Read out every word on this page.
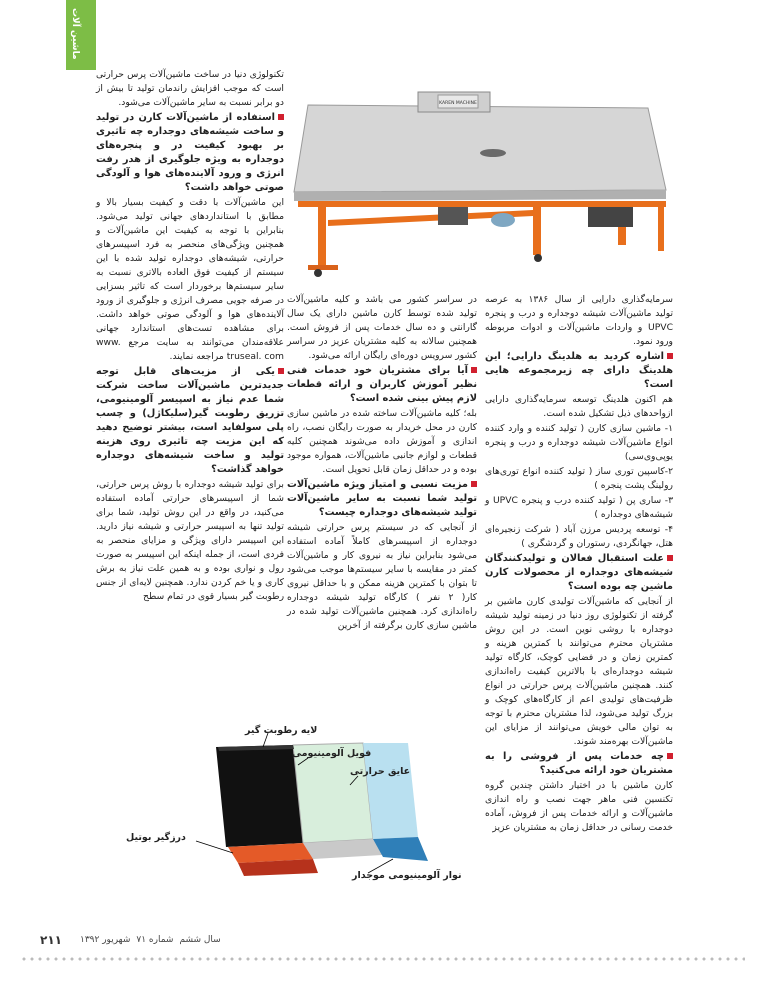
ماشین آلات
KAREN MACHINE

سرمایه‌گذاری دارایی از سال ۱۳۸۶ به عرصه تولید ماشین‌آلات شیشه دوجداره و درب و پنجره UPVC و واردات ماشین‌آلات و ادوات مربوطه ورود نمود.

اشاره کردید به هلدینگ دارایی؛ این هلدینگ دارای چه زیرمجموعه هایی است؟

هم اکنون هلدینگ توسعه سرمایه‌گذاری دارایی ازواحدهای ذیل تشکیل شده است.

۱- ماشین سازی کارن ( تولید کننده و وارد کننده انواع ماشین‌آلات شیشه دوجداره و درب و پنجره یوپی‌وی‌سی)

۲-کاسپین توری ساز ( تولید کننده انواع توری‌های رولینگ پشت پنجره )

۳- ساری پن ( تولید کننده درب و پنجره UPVC و شیشه‌های دوجداره )

۴- توسعه پردیس مرزن آباد ( شرکت زنجیره‌ای هتل، جهانگردی، رستوران و گردشگری )

علت استقبال فعالان و تولیدکنندگان شیشه‌های دوجداره از محصولات کارن ماشین چه بوده است؟

از آنجایی که ماشین‌آلات تولیدی کارن ماشین بر گرفته از تکنولوژی روز دنیا در زمینه تولید شیشه دوجداره با روشی نوین است. در این روش مشتریان محترم می‌توانند با کمترین هزینه و کمترین زمان و در فضایی کوچک، کارگاه تولید شیشه دوجداره‌ای با بالاترین کیفیت راه‌اندازی کنند. همچنین ماشین‌آلات پرس حرارتی در انواع ظرفیت‌های تولیدی اعم از کارگاه‌های کوچک و بزرگ تولید می‌شود، لذا مشتریان محترم با توجه به توان مالی خویش می‌توانند از مزایای این ماشین‌آلات بهره‌مند شوند.

چه خدمات پس از فروشی را به مشتریان خود ارائه می‌کنید؟

کارن ماشین با در اختیار داشتن چندین گروه تکنسین فنی ماهر جهت نصب و راه اندازی ماشین‌آلات و ارائه خدمات پس از فروش، آماده خدمت رسانی در حداقل زمان به مشتریان عزیز

در سراسر کشور می باشد و کلیه ماشین‌آلات تولید شده توسط کارن ماشین دارای یک سال گارانتی و ده سال خدمات پس از فروش است. همچنین سالانه به کلیه مشتریان عزیز در سراسر کشور سرویس دوره‌ای رایگان ارائه می‌شود.

آیا برای مشتریان خود خدمات فنی نظیر آموزش کاربران و ارائه قطعات لازم پیش بینی شده است؟

بله؛ کلیه ماشین‌آلات ساخته شده در ماشین سازی کارن در محل خریدار به صورت رایگان نصب، راه اندازی و آموزش داده می‌شوند همچنین کلیه قطعات و لوازم جانبی ماشین‌آلات، همواره موجود بوده و در حداقل زمان قابل تحویل است.

مزیت نسبی و امتیاز ویژه ماشین‌آلات تولید شما نسبت به سایر ماشین‌آلات تولید شیشه‌های دوجداره چیست؟

از آنجایی که در سیستم پرس حرارتی شیشه دوجداره از اسپیسرهای کاملاً آماده استفاده می‌شود بنابراین نیاز به نیروی کار و ماشین‌آلات کمتر در مقایسه با سایر سیستم‌ها موجب می‌شود تا بتوان با کمترین هزینه ممکن و با حداقل نیروی کار( ۲ نفر ) کارگاه تولید شیشه دوجداره راه‌اندازی کرد. همچنین ماشین‌آلات تولید شده در ماشین سازی کارن برگرفته از آخرین

تکنولوژی دنیا در ساخت ماشین‌آلات پرس حرارتی است که موجب افزایش راندمان تولید تا بیش از دو برابر نسبت به سایر ماشین‌آلات می‌شود.

استفاده از ماشین‌آلات کارن در تولید و ساخت شیشه‌های دوجداره چه تاثیری بر بهبود کیفیت در و پنجره‌های دوجداره به ویژه جلوگیری از هدر رفت انرژی و ورود آلاینده‌های هوا و آلودگی صوتی خواهد داشت؟

این ماشین‌آلات با دقت و کیفیت بسیار بالا و مطابق با استانداردهای جهانی تولید می‌شود. بنابراین با توجه به کیفیت این ماشین‌آلات و همچنین ویژگی‌های منحصر به فرد اسپیسرهای حرارتی، شیشه‌های دوجداره تولید شده با این سیستم از کیفیت فوق العاده بالاتری نسبت به سایر سیستم‌ها برخوردار است که تاثیر بسزایی در صرفه جویی مصرف انرژی و جلوگیری از ورود آلاینده‌های هوا و آلودگی صوتی خواهد داشت. برای مشاهده تست‌های استاندارد جهانی علاقه‌مندان می‌توانند به سایت مرجع www. truseal. com مراجعه نمایند.

یکی از مزیت‌های قابل توجه جدیدترین ماشین‌آلات ساخت شرکت شما عدم نیاز به اسپیسر آلومینیومی، تزریق رطوبت گیر(سلیکاژل) و چسب پلی سولفاید است، بیشتر توضیح دهید که این مزیت چه تاثیری روی هزینه تولید و ساخت شیشه‌های دوجداره خواهد گذاشت؟

برای تولید شیشه دوجداره با روش پرس حرارتی، شما از اسپیسرهای حرارتی آماده استفاده می‌کنید، در واقع در این روش تولید، شما برای تولید تنها به اسپیسر حرارتی و شیشه نیاز دارید. این اسپیسر دارای ویژگی و مزایای منحصر به فردی است، از جمله اینکه این اسپیسر به صورت رول و نواری بوده و به همین علت نیاز به برش کاری و یا خم کردن ندارد. همچنین لایه‌ای از جنس رطوبت گیر بسیار قوی در تمام سطح

لایه رطوبت گیر
فویل آلومینیومی
عایق حرارتی
درزگیر بوتیل
نوار آلومینیومی موجدار
۲۱۱	سال ششم
شماره ۷۱
شهریور ۱۳۹۲
